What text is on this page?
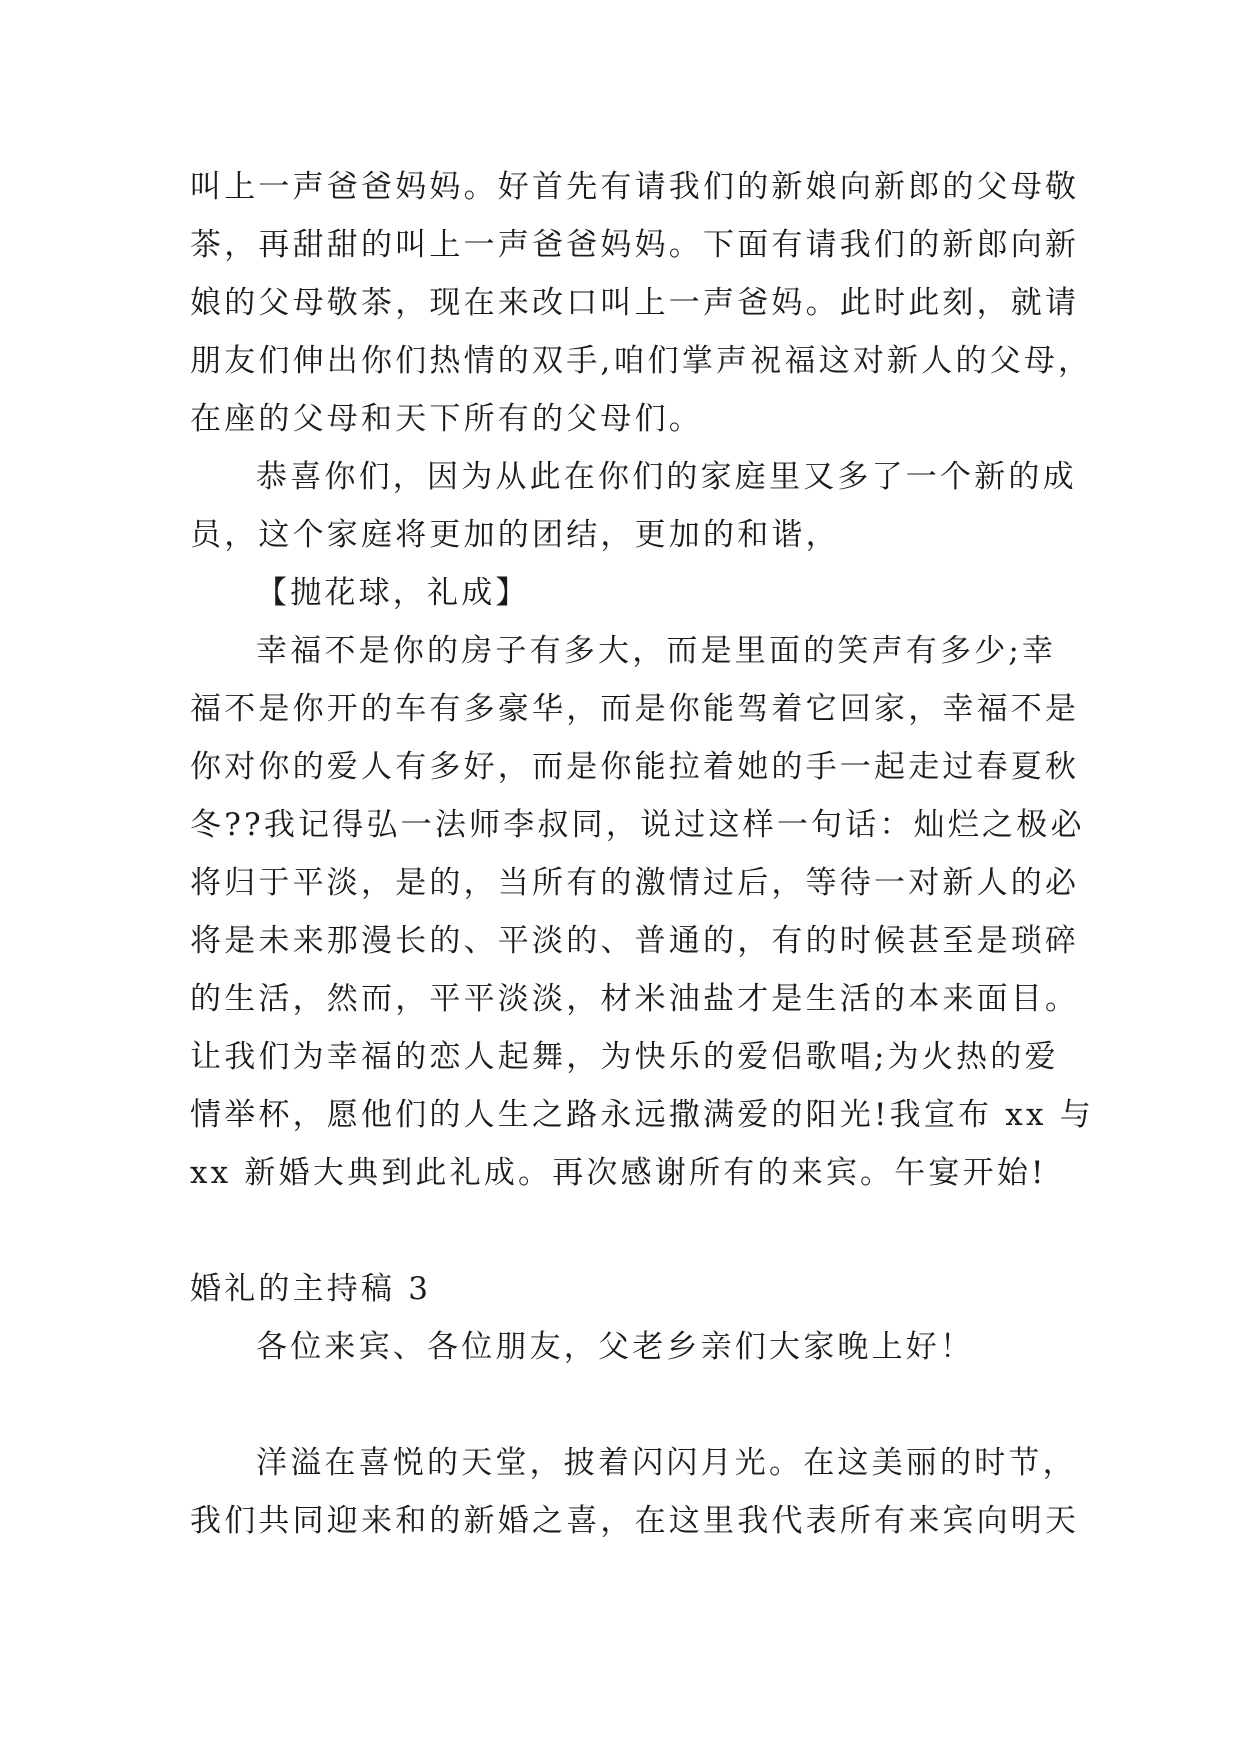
叫上一声爸爸妈妈。好首先有请我们的新娘向新郎的父母敬
茶，再甜甜的叫上一声爸爸妈妈。下面有请我们的新郎向新
娘的父母敬茶，现在来改口叫上一声爸妈。此时此刻，就请
朋友们伸出你们热情的双手,咱们掌声祝福这对新人的父母，
在座的父母和天下所有的父母们。
恭喜你们，因为从此在你们的家庭里又多了一个新的成
员，这个家庭将更加的团结，更加的和谐，
【抛花球，礼成】
幸福不是你的房子有多大，而是里面的笑声有多少;幸
福不是你开的车有多豪华，而是你能驾着它回家，幸福不是
你对你的爱人有多好，而是你能拉着她的手一起走过春夏秋
冬??我记得弘一法师李叔同，说过这样一句话：灿烂之极必
将归于平淡，是的，当所有的激情过后，等待一对新人的必
将是未来那漫长的、平淡的、普通的，有的时候甚至是琐碎
的生活，然而，平平淡淡，材米油盐才是生活的本来面目。
让我们为幸福的恋人起舞，为快乐的爱侣歌唱;为火热的爱
情举杯，愿他们的人生之路永远撒满爱的阳光!我宣布 xx 与
xx 新婚大典到此礼成。再次感谢所有的来宾。午宴开始!
婚礼的主持稿 3
各位来宾、各位朋友，父老乡亲们大家晚上好！
洋溢在喜悦的天堂，披着闪闪月光。在这美丽的时节，
我们共同迎来和的新婚之喜，在这里我代表所有来宾向明天
